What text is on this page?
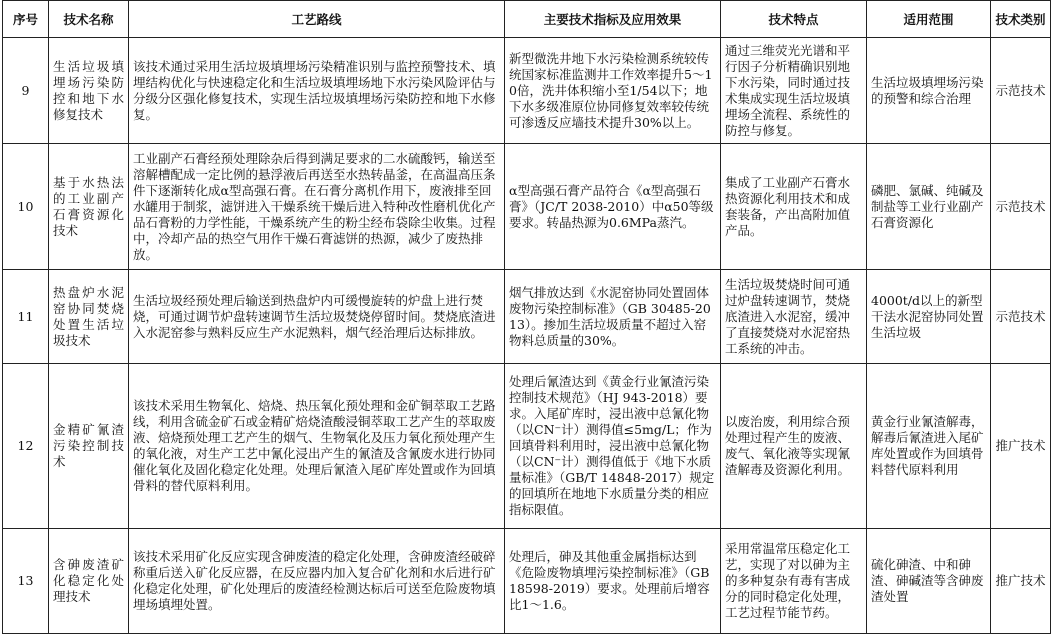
序号	技术名称	工艺路线	主要技术指标及应用效果	技术特点	适用范围	技术类别
9	生活垃圾填埋场污染防控和地下水修复技术	该技术通过采用生活垃圾填埋场污染精准识别与监控预警技术、填埋结构优化与快速稳定化和生活垃圾填埋场地下水污染风险评估与分级分区强化修复技术，实现生活垃圾填埋场污染防控和地下水修复。	新型微洗井地下水污染检测系统较传统国家标准监测井工作效率提升5～10倍，洗井体积缩小至1/54以下；地下水多级准原位协同修复效率较传统可渗透反应墙技术提升30%以上。	通过三维荧光光谱和平行因子分析精确识别地下水污染，同时通过技术集成实现生活垃圾填埋场全流程、系统性的防控与修复。	生活垃圾填埋场污染的预警和综合治理	示范技术
10	基于水热法的工业副产石膏资源化技术	工业副产石膏经预处理除杂后得到满足要求的二水硫酸钙，输送至溶解槽配成一定比例的悬浮液后再送至水热转晶釜，在高温高压条件下逐渐转化成α型高强石膏。在石膏分离机作用下，废液排至回水罐用于制浆，滤饼进入干燥系统干燥后进入特种改性磨机优化产品石膏粉的力学性能，干燥系统产生的粉尘经布袋除尘收集。过程中，冷却产品的热空气用作干燥石膏滤饼的热源，减少了废热排放。	α型高强石膏产品符合《α型高强石膏》（JC/T 2038-2010）中α50等级要求。转晶热源为0.6MPa蒸汽。	集成了工业副产石膏水热资源化利用技术和成套装备，产出高附加值产品。	磷肥、氯碱、纯碱及制盐等工业行业副产石膏资源化	示范技术
11	热盘炉水泥窑协同焚烧处置生活垃圾技术	生活垃圾经预处理后输送到热盘炉内可缓慢旋转的炉盘上进行焚烧，可通过调节炉盘转速调节生活垃圾焚烧停留时间。焚烧底渣进入水泥窑参与熟料反应生产水泥熟料，烟气经治理后达标排放。	烟气排放达到《水泥窑协同处置固体废物污染控制标准》（GB 30485-2013）。掺加生活垃圾质量不超过入窑物料总质量的30%。	生活垃圾焚烧时间可通过炉盘转速调节，焚烧底渣进入水泥窑，缓冲了直接焚烧对水泥窑热工系统的冲击。	4000t/d以上的新型干法水泥窑协同处置生活垃圾	示范技术
12	金精矿氰渣污染控制技术	该技术采用生物氧化、焙烧、热压氧化预处理和金矿铜萃取工艺路线，利用含硫金矿石或金精矿焙烧渣酸浸铜萃取工艺产生的萃取废液、焙烧预处理工艺产生的烟气、生物氧化及压力氧化预处理产生的氧化液，对生产工艺中氰化浸出产生的氰渣及含氰废水进行协同催化氧化及固化稳定化处理。处理后氰渣入尾矿库处置或作为回填骨料的替代原料利用。	处理后氰渣达到《黄金行业氰渣污染控制技术规范》（HJ 943-2018）要求。入尾矿库时，浸出液中总氰化物（以CN⁻计）测得值≤5mg/L；作为回填骨料利用时，浸出液中总氰化物（以CN⁻计）测得值低于《地下水质量标准》（GB/T 14848-2017）规定的回填所在地地下水质量分类的相应指标限值。	以废治废，利用综合预处理过程产生的废液、废气、氧化液等实现氰渣解毒及资源化利用。	黄金行业氰渣解毒，解毒后氰渣进入尾矿库处置或作为回填骨料替代原料利用	推广技术
13	含砷废渣矿化稳定化处理技术	该技术采用矿化反应实现含砷废渣的稳定化处理，含砷废渣经破碎称重后送入矿化反应器，在反应器内加入复合矿化剂和水后进行矿化稳定化处理，矿化处理后的废渣经检测达标后可送至危险废物填埋场填埋处置。	处理后，砷及其他重金属指标达到《危险废物填埋污染控制标准》（GB 18598-2019）要求。处理前后增容比1～1.6。	采用常温常压稳定化工艺，实现了对以砷为主的多种复杂有毒有害成分的同时稳定化处理，工艺过程节能节药。	硫化砷渣、中和砷渣、砷碱渣等含砷废渣处置	推广技术
